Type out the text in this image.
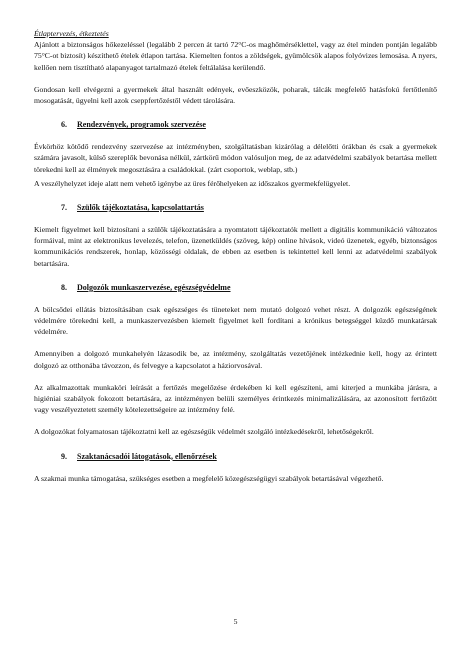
Étlaptervezés, étkeztetés

Ajánlott a biztonságos hőkezeléssel (legalább 2 percen át tartó 72°C-os maghőmérséklettel, vagy az étel minden pontján legalább 75°C-ot biztosít) készíthető ételek étlapon tartása. Kiemelten fontos a zöldségek, gyümölcsök alapos folyóvizes lemosása. A nyers, kellően nem tisztítható alapanyagot tartalmazó ételek feltálalása kerülendő.

Gondosan kell elvégezni a gyermekek által használt edények, evőeszközök, poharak, tálcák megfelelő hatásfokú fertőtlenítő mosogatását, ügyelni kell azok cseppfertőzéstől védett tárolására.

6. Rendezvények, programok szervezése

Évkörhöz kötődő rendezvény szervezése az intézményben, szolgáltatásban kizárólag a délelőtti órákban és csak a gyermekek számára javasolt, külső szereplők bevonása nélkül, zártkörű módon valósuljon meg, de az adatvédelmi szabályok betartása mellett törekedni kell az élmények megosztására a családokkal. (zárt csoportok, weblap, stb.)

A veszélyhelyzet ideje alatt nem vehető igénybe az üres férőhelyeken az időszakos gyermekfelügyelet.

7. Szülők tájékoztatása, kapcsolattartás

Kiemelt figyelmet kell biztosítani a szülők tájékoztatására a nyomtatott tájékoztatók mellett a digitális kommunikáció változatos formáival, mint az elektronikus levelezés, telefon, üzenetküldés (szöveg, kép) online hívások, videó üzenetek, egyéb, biztonságos kommunikációs rendszerek, honlap, közösségi oldalak, de ebben az esetben is tekintettel kell lenni az adatvédelmi szabályok betartására.

8. Dolgozók munkaszervezése, egészségvédelme

A bölcsődei ellátás biztosításában csak egészséges és tüneteket nem mutató dolgozó vehet részt. A dolgozók egészségének védelmére törekedni kell, a munkaszervezésben kiemelt figyelmet kell fordítani a krónikus betegséggel küzdő munkatársak védelmére.

Amennyiben a dolgozó munkahelyén lázasodik be, az intézmény, szolgáltatás vezetőjének intézkednie kell, hogy az érintett dolgozó az otthonába távozzon, és felvegye a kapcsolatot a háziorvosával.

Az alkalmazottak munkaköri leírását a fertőzés megelőzése érdekében ki kell egészíteni, ami kiterjed a munkába járásra, a higiéniai szabályok fokozott betartására, az intézményen belüli személyes érintkezés minimalizálására, az azonosított fertőzött vagy veszélyeztetett személy kötelezettségeire az intézmény felé.

A dolgozókat folyamatosan tájékoztatni kell az egészségük védelmét szolgáló intézkedésekről, lehetőségekről.

9. Szaktanácsadói látogatások, ellenőrzések

A szakmai munka támogatása, szükséges esetben a megfelelő közegészségügyi szabályok betartásával végezhető.

5
